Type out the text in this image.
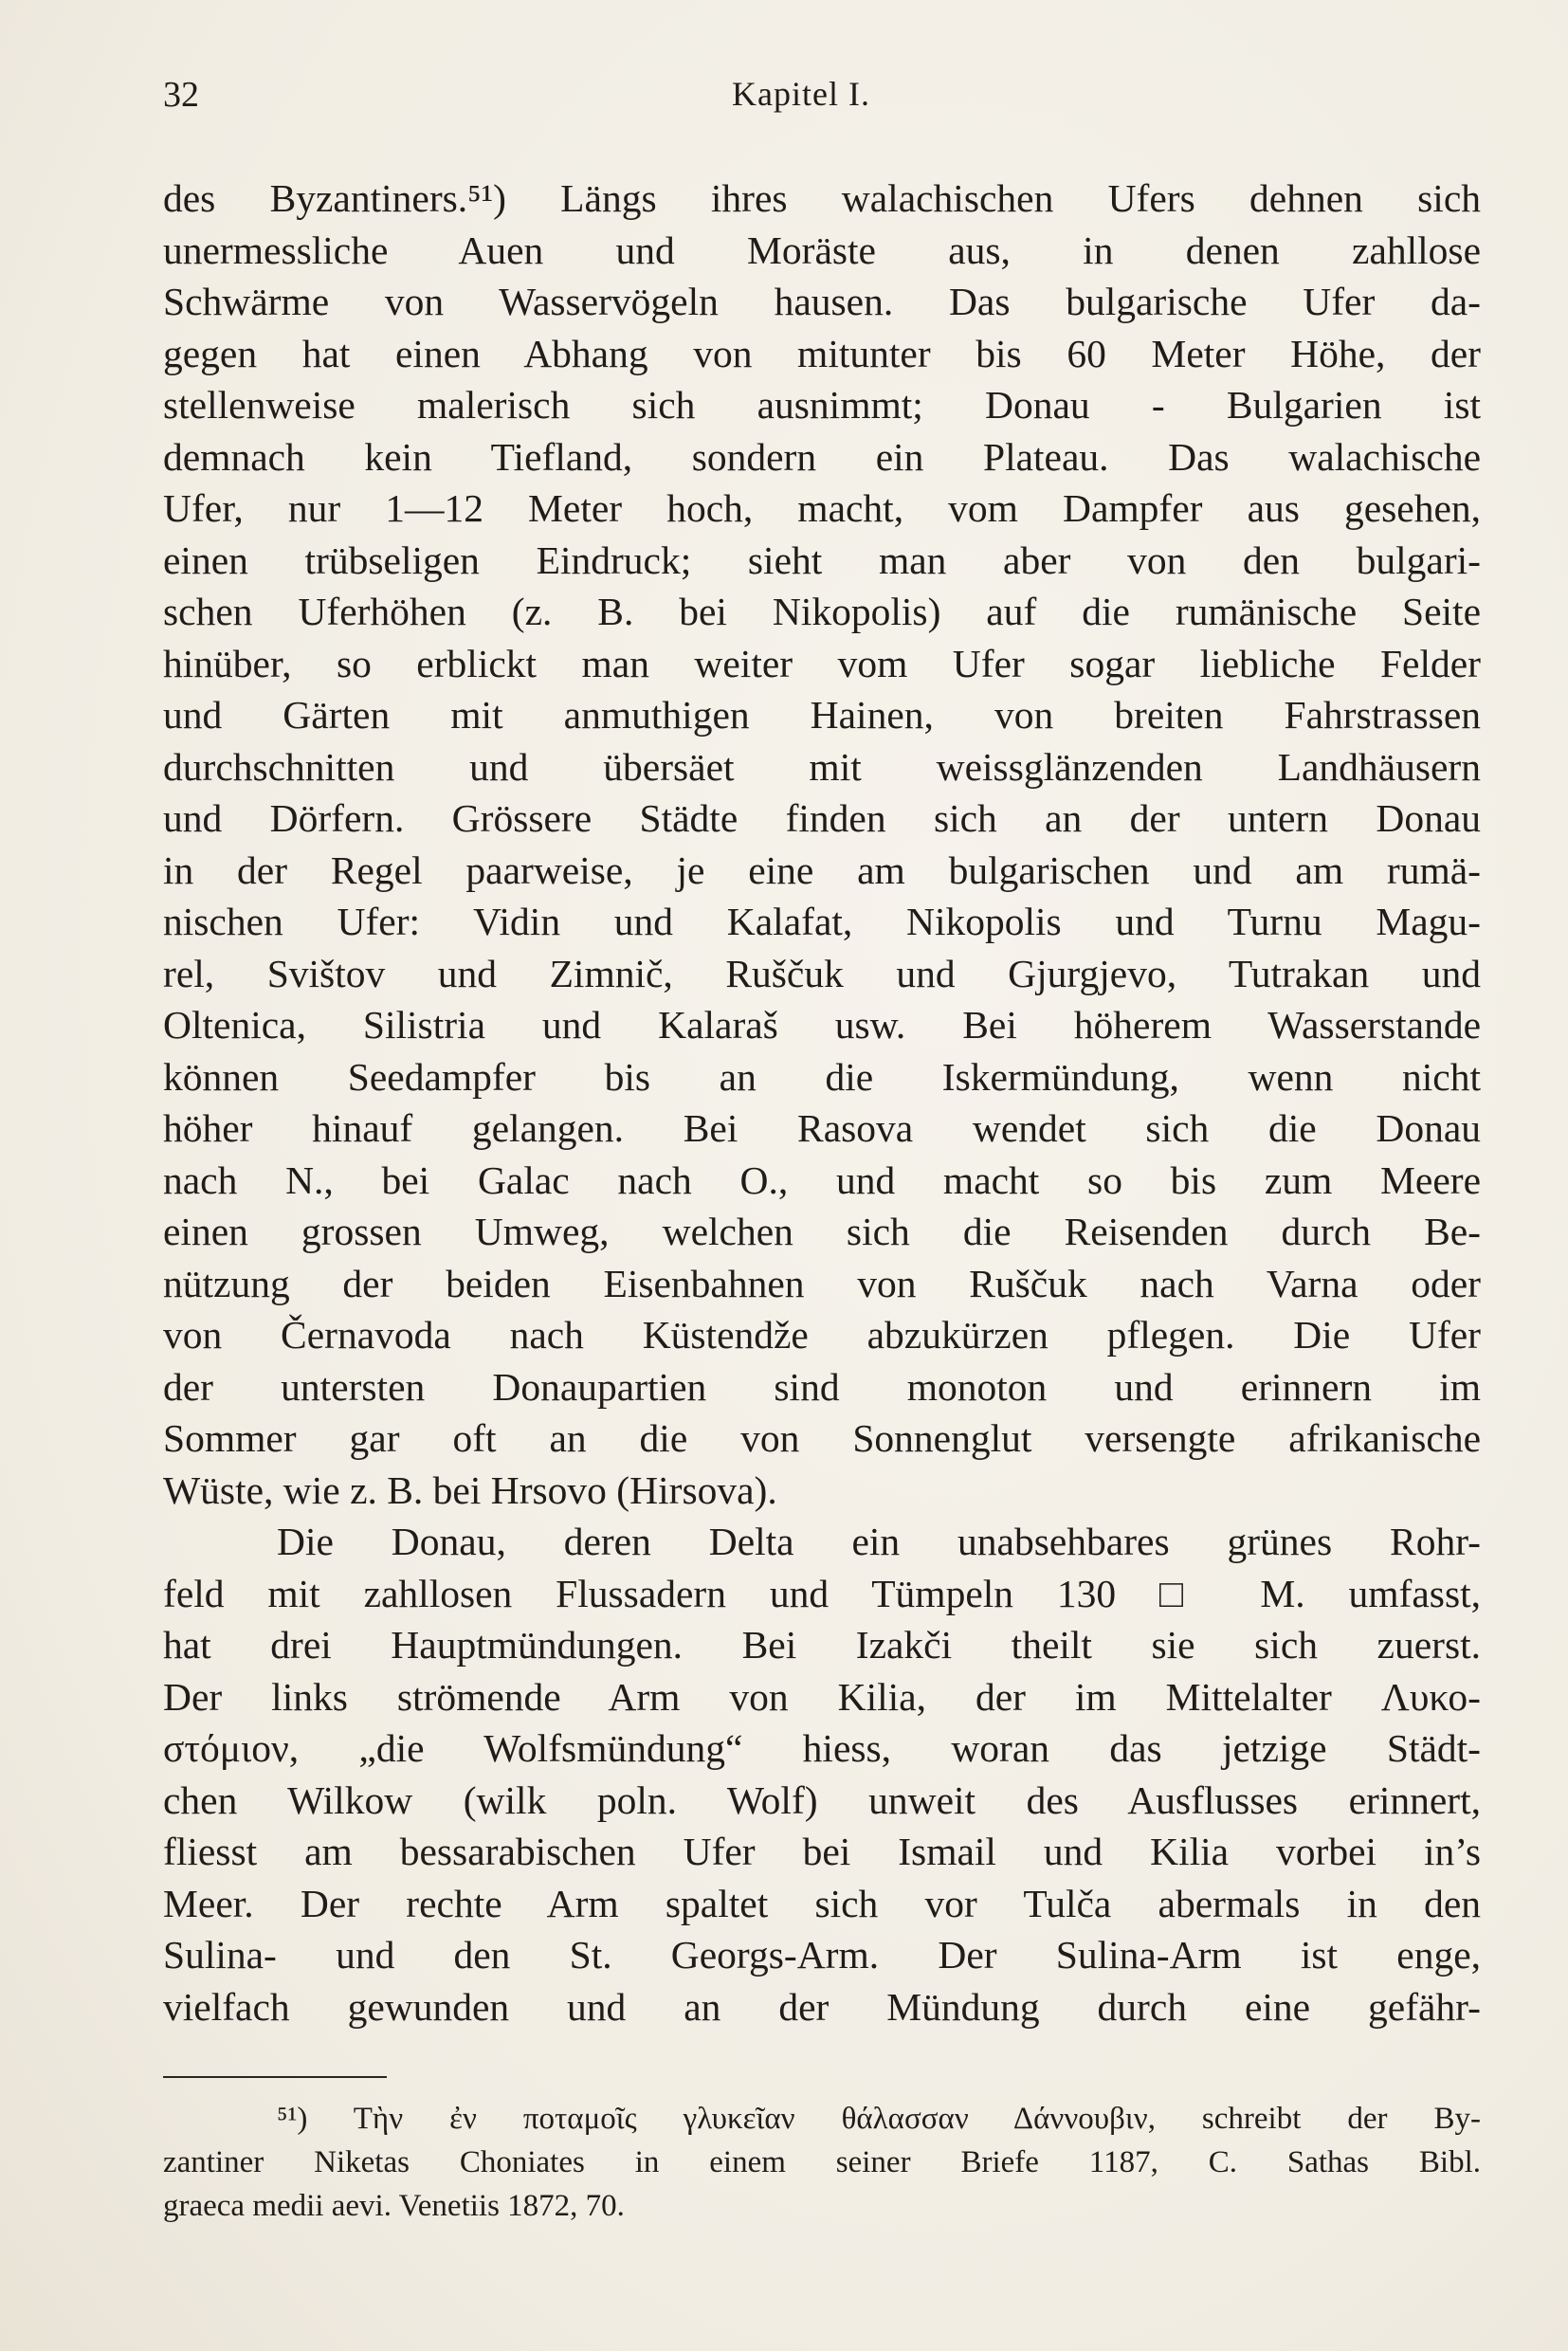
32	Kapitel I.
des Byzantiners.⁵¹) Längs ihres walachischen Ufers dehnen sich
unermessliche Auen und Moräste aus, in denen zahllose
Schwärme von Wasservögeln hausen. Das bulgarische Ufer da-
gegen hat einen Abhang von mitunter bis 60 Meter Höhe, der
stellenweise malerisch sich ausnimmt; Donau - Bulgarien ist
demnach kein Tiefland, sondern ein Plateau. Das walachische
Ufer, nur 1—12 Meter hoch, macht, vom Dampfer aus gesehen,
einen trübseligen Eindruck; sieht man aber von den bulgari-
schen Uferhöhen (z. B. bei Nikopolis) auf die rumänische Seite
hinüber, so erblickt man weiter vom Ufer sogar liebliche Felder
und Gärten mit anmuthigen Hainen, von breiten Fahrstrassen
durchschnitten und übersäet mit weissglänzenden Landhäusern
und Dörfern. Grössere Städte finden sich an der untern Donau
in der Regel paarweise, je eine am bulgarischen und am rumä-
nischen Ufer: Vidin und Kalafat, Nikopolis und Turnu Magu-
rel, Svištov und Zimnič, Ruščuk und Gjurgjevo, Tutrakan und
Oltenica, Silistria und Kalaraš usw. Bei höherem Wasserstande
können Seedampfer bis an die Iskermündung, wenn nicht
höher hinauf gelangen. Bei Rasova wendet sich die Donau
nach N., bei Galac nach O., und macht so bis zum Meere
einen grossen Umweg, welchen sich die Reisenden durch Be-
nützung der beiden Eisenbahnen von Ruščuk nach Varna oder
von Černavoda nach Küstendže abzukürzen pflegen. Die Ufer
der untersten Donaupartien sind monoton und erinnern im
Sommer gar oft an die von Sonnenglut versengte afrikanische
Wüste, wie z. B. bei Hrsovo (Hirsova).
Die Donau, deren Delta ein unabsehbares grünes Rohr-
feld mit zahllosen Flussadern und Tümpeln 130 □ M. umfasst,
hat drei Hauptmündungen. Bei Izakči theilt sie sich zuerst.
Der links strömende Arm von Kilia, der im Mittelalter Λυκο-
στόμιον, „die Wolfsmündung“ hiess, woran das jetzige Städt-
chen Wilkow (wilk poln. Wolf) unweit des Ausflusses erinnert,
fliesst am bessarabischen Ufer bei Ismail und Kilia vorbei in’s
Meer. Der rechte Arm spaltet sich vor Tulča abermals in den
Sulina- und den St. Georgs-Arm. Der Sulina-Arm ist enge,
vielfach gewunden und an der Mündung durch eine gefähr-
⁵¹) Τὴν ἐν ποταμοῖς γλυκεῖαν θάλασσαν Δάννουβιν, schreibt der By-
zantiner Niketas Choniates in einem seiner Briefe 1187, C. Sathas Bibl.
graeca medii aevi. Venetiis 1872, 70.
